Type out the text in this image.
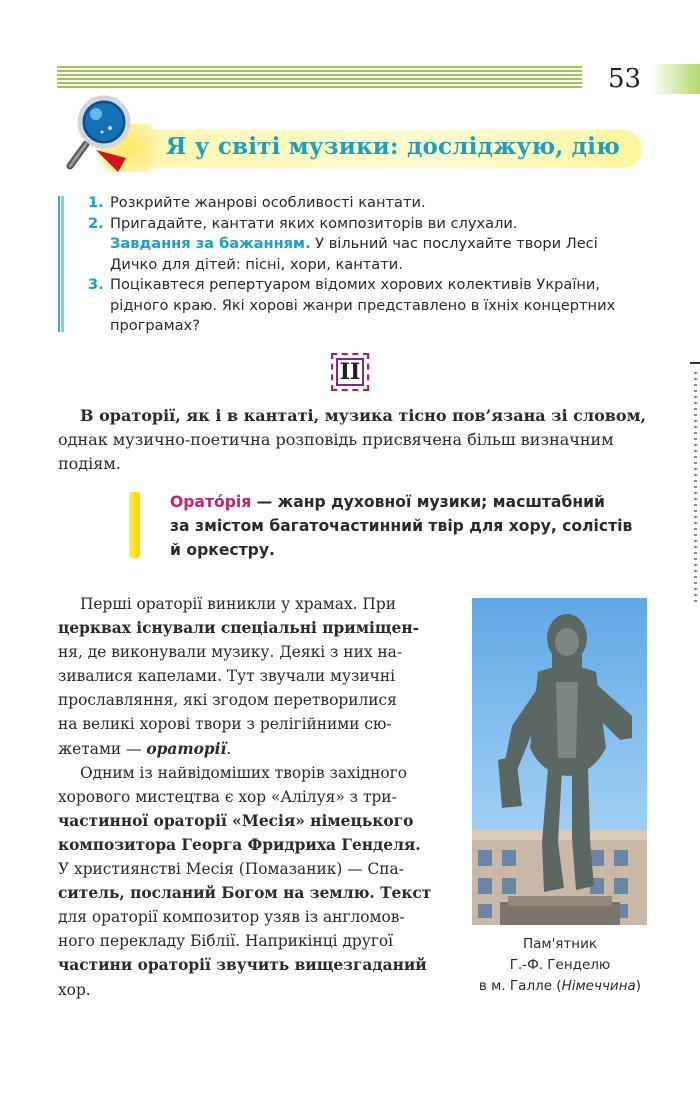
53
Я у світі музики: досліджую, дію
1. Розкрийте жанрові особливості кантати.
2. Пригадайте, кантати яких композиторів ви слухали.
Завдання за бажанням. У вільний час послухайте твори Лесі
Дичко для дітей: пісні, хори, кантати.
3. Поцікавтеся репертуаром відомих хорових колективів України,
рідного краю. Які хорові жанри представлено в їхніх концертних
програмах?
II
В ораторії, як і в кантаті, музика тісно пов’язана зі словом,
однак музично-поетична розповідь присвячена більш визначним
подіям.
Орато́рія — жанр духовної музики; масштабний
за змістом багаточастинний твір для хору, солістів
й оркестру.
Перші ораторії виникли у храмах. При
церквах існували спеціальні приміщен-
ня, де виконували музику. Деякі з них на-
зивалися капелами. Тут звучали музичні
прославляння, які згодом перетворилися
на великі хорові твори з релігійними сю-
жетами — ораторії.
Одним із найвідоміших творів західного
хорового мистецтва є хор «Алілуя» з три-
частинної ораторії «Месія» німецького
композитора Георга Фридриха Генделя.
У християнстві Месія (Помазаник) — Спа-
ситель, посланий Богом на землю. Текст
для ораторії композитор узяв із англомов-
ного перекладу Біблії. Наприкінці другої
частини ораторії звучить вищезгаданий
хор.
Пам'ятник
Г.-Ф. Генделю
в м. Галле (Німеччина)
